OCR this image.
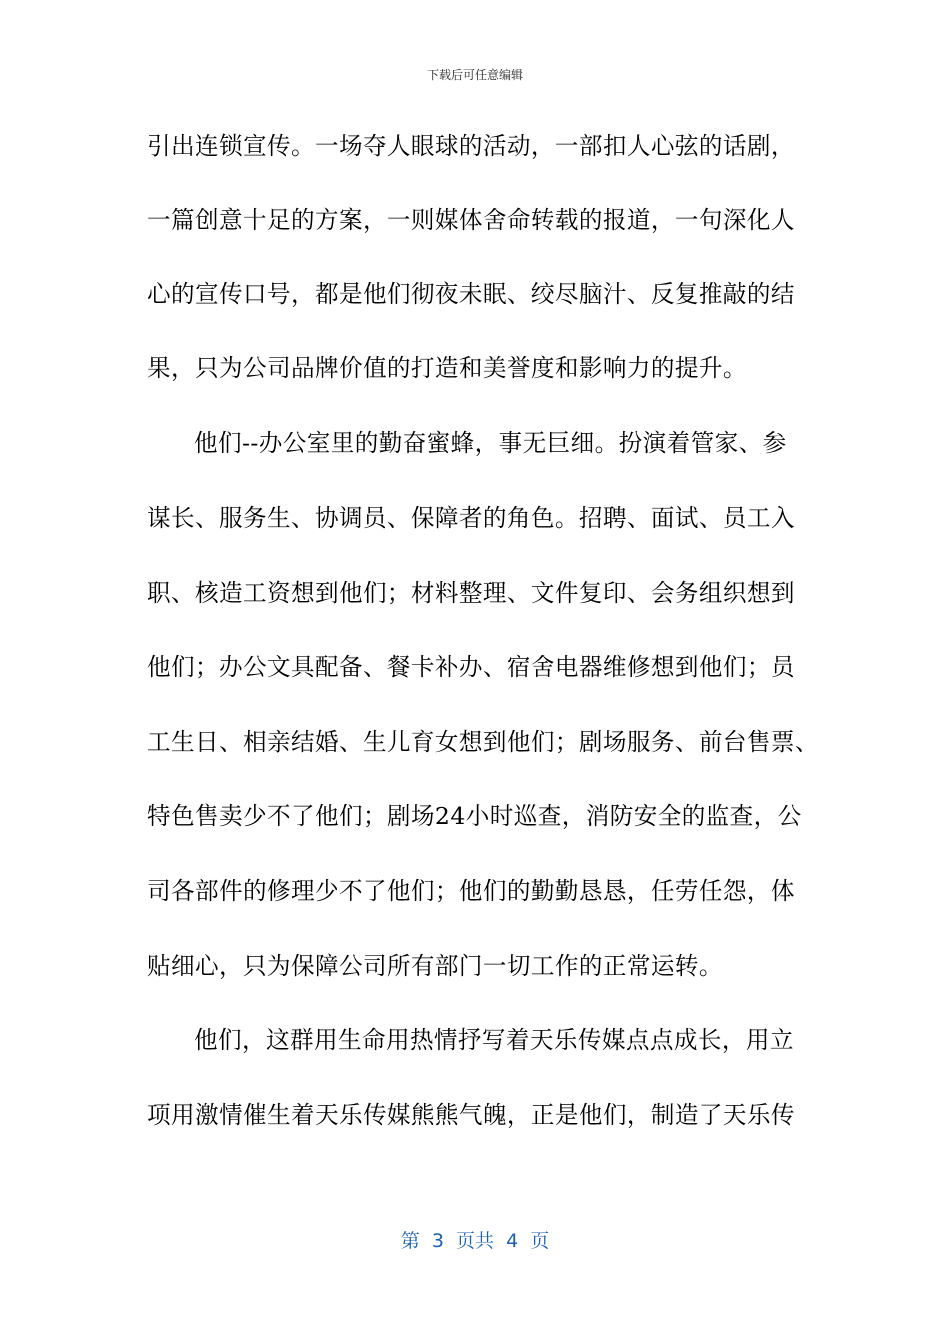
下载后可任意编辑
引出连锁宣传。一场夺人眼球的活动，一部扣人心弦的话剧，
一篇创意十足的方案，一则媒体舍命转载的报道，一句深化人
心的宣传口号，都是他们彻夜未眠、绞尽脑汁、反复推敲的结
果，只为公司品牌价值的打造和美誉度和影响力的提升。
他们--办公室里的勤奋蜜蜂，事无巨细。扮演着管家、参
谋长、服务生、协调员、保障者的角色。招聘、面试、员工入
职、核造工资想到他们；材料整理、文件复印、会务组织想到
他们；办公文具配备、餐卡补办、宿舍电器维修想到他们；员
工生日、相亲结婚、生儿育女想到他们；剧场服务、前台售票、
特色售卖少不了他们；剧场24小时巡查，消防安全的监查，公
司各部件的修理少不了他们；他们的勤勤恳恳，任劳任怨，体
贴细心，只为保障公司所有部门一切工作的正常运转。
他们，这群用生命用热情抒写着天乐传媒点点成长，用立
项用激情催生着天乐传媒熊熊气魄，正是他们，制造了天乐传
第  3  页共  4  页
